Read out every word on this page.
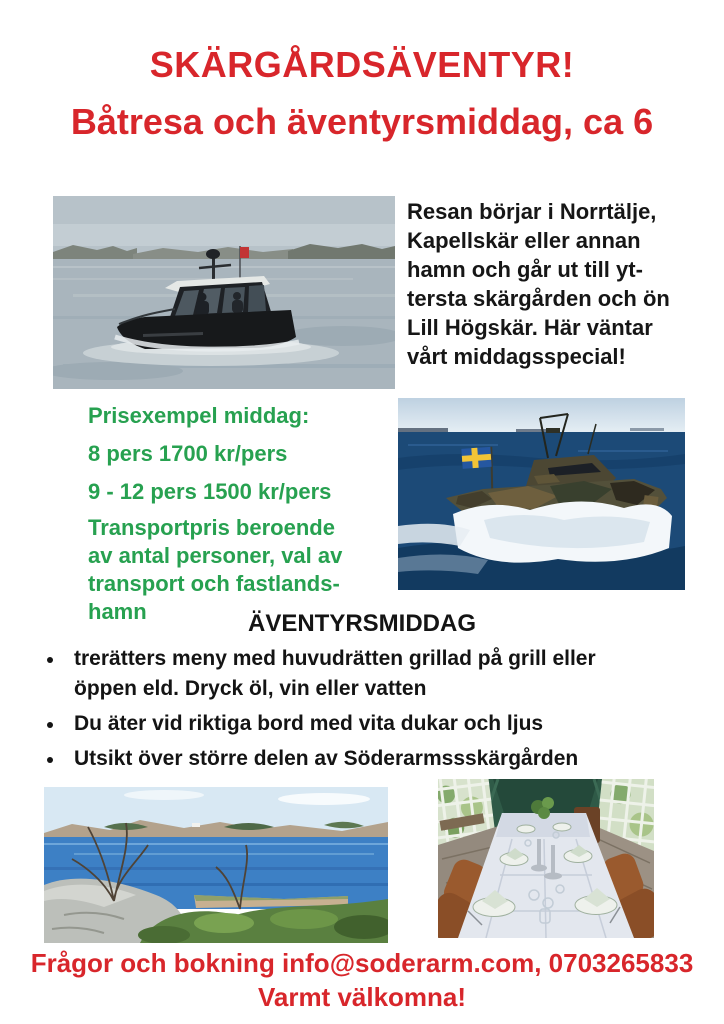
SKÄRGÅRDSÄVENTYR!
Båtresa och äventyrsmiddag, ca 6
Resan börjar i Norrtälje,
Kapellskär eller annan
hamn och går ut till yt-
tersta skärgården och ön
Lill Högskär. Här väntar
vårt middagsspecial!
Prisexempel middag:
8 pers 1700 kr/pers
9 - 12 pers 1500 kr/pers
Transportpris beroende
av antal personer, val av
transport och fastlands-
hamn	ÄVENTYRSMIDDAG
trerätters meny med huvudrätten grillad på grill eller
öppen eld. Dryck öl, vin eller vatten
Du äter vid riktiga bord med vita dukar och ljus
Utsikt över större delen av Söderarmssskärgården
Frågor och bokning info@soderarm.com, 0703265833
Varmt välkomna!
